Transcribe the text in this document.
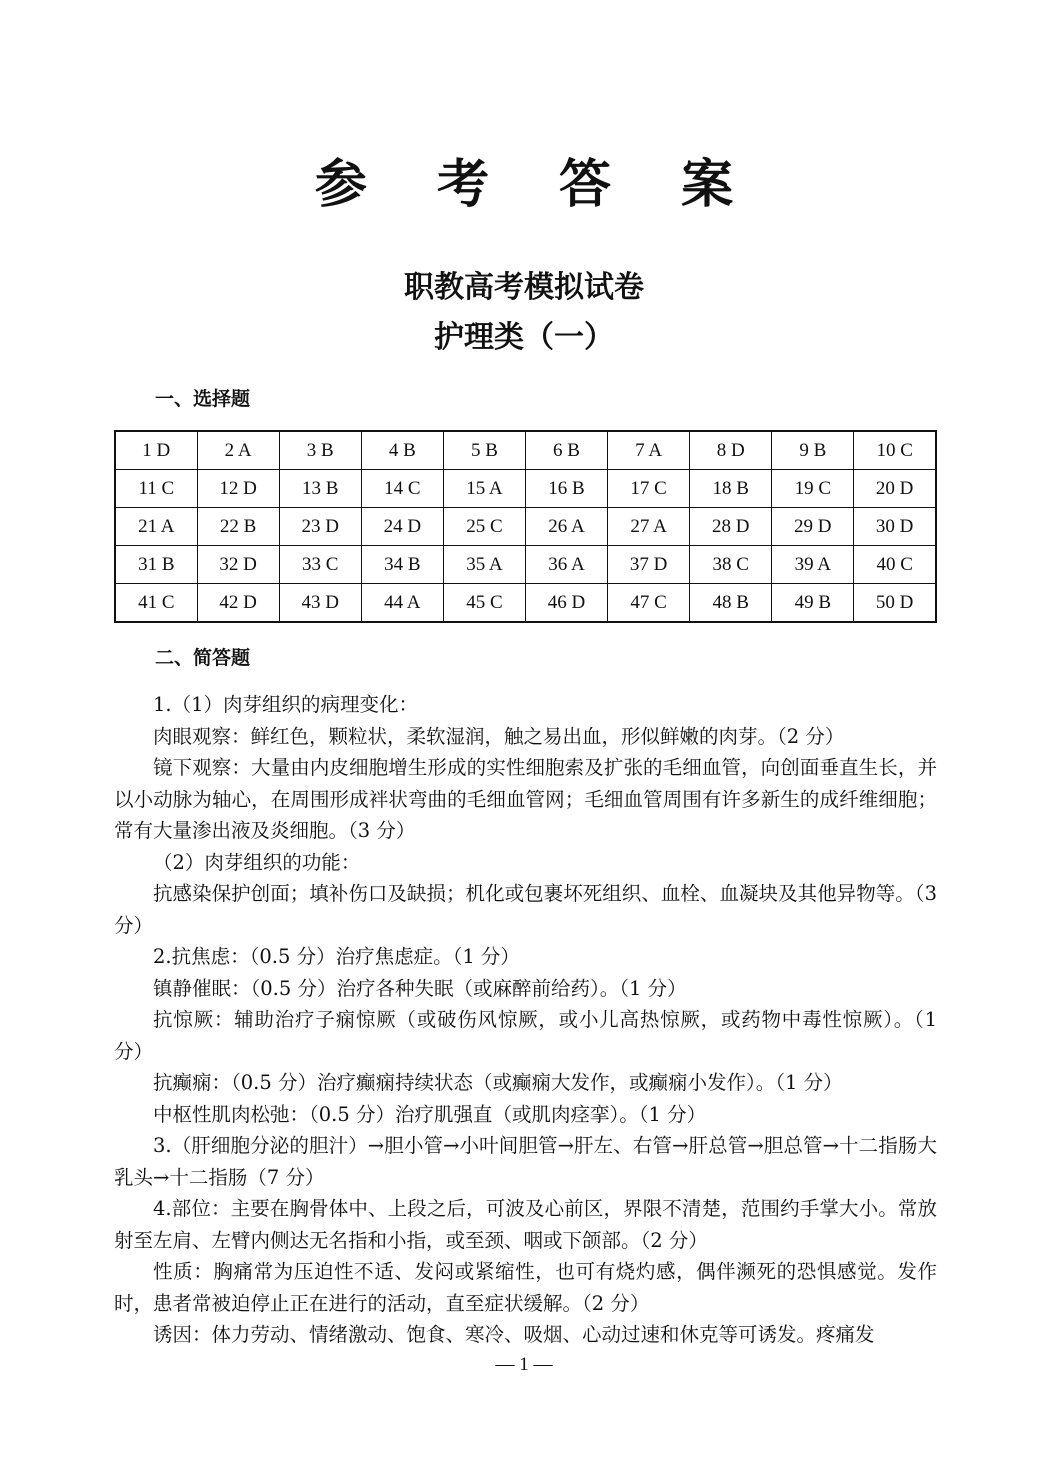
参 考 答 案
职教高考模拟试卷
护理类（一）
一、选择题
1 D	2 A	3 B	4 B	5 B	6 B	7 A	8 D	9 B	10 C
11 C	12 D	13 B	14 C	15 A	16 B	17 C	18 B	19 C	20 D
21 A	22 B	23 D	24 D	25 C	26 A	27 A	28 D	29 D	30 D
31 B	32 D	33 C	34 B	35 A	36 A	37 D	38 C	39 A	40 C
41 C	42 D	43 D	44 A	45 C	46 D	47 C	48 B	49 B	50 D
二、简答题

1.（1）肉芽组织的病理变化：

肉眼观察：鲜红色，颗粒状，柔软湿润，触之易出血，形似鲜嫩的肉芽。（2 分）

镜下观察：大量由内皮细胞增生形成的实性细胞索及扩张的毛细血管，向创面垂直生长，并以小动脉为轴心，在周围形成袢状弯曲的毛细血管网；毛细血管周围有许多新生的成纤维细胞；常有大量渗出液及炎细胞。（3 分）

（2）肉芽组织的功能：

抗感染保护创面；填补伤口及缺损；机化或包裹坏死组织、血栓、血凝块及其他异物等。（3 分）

2.抗焦虑：（0.5 分）治疗焦虑症。（1 分）

镇静催眠：（0.5 分）治疗各种失眠（或麻醉前给药）。（1 分）

抗惊厥：辅助治疗子痫惊厥（或破伤风惊厥，或小儿高热惊厥，或药物中毒性惊厥）。（1 分）

抗癫痫：（0.5 分）治疗癫痫持续状态（或癫痫大发作，或癫痫小发作）。（1 分）

中枢性肌肉松弛：（0.5 分）治疗肌强直（或肌肉痉挛）。（1 分）

3.（肝细胞分泌的胆汁）→胆小管→小叶间胆管→肝左、右管→肝总管→胆总管→十二指肠大乳头→十二指肠（7 分）

4.部位：主要在胸骨体中、上段之后，可波及心前区，界限不清楚，范围约手掌大小。常放射至左肩、左臂内侧达无名指和小指，或至颈、咽或下颌部。（2 分）

性质：胸痛常为压迫性不适、发闷或紧缩性，也可有烧灼感，偶伴濒死的恐惧感觉。发作时，患者常被迫停止正在进行的活动，直至症状缓解。（2 分）

诱因：体力劳动、情绪激动、饱食、寒冷、吸烟、心动过速和休克等可诱发。疼痛发

— 1 —
